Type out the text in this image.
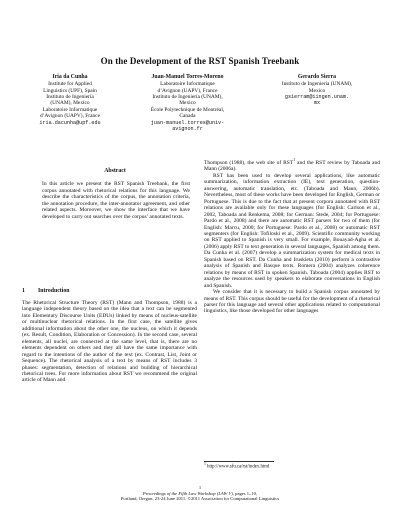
On the Development of the RST Spanish Treebank
Iria da Cunha
Institute for Applied
Linguistics (UPF), Spain
Instituto de Ingeniería
(UNAM), Mexico
Laboratoire Informatique
d’Avignon (UAPV), France
iria.dacunha@upf.edu
Juan-Manuel Torres-Moreno
Laboratoire Informatique
d’Avignon (UAPV), France
Instituto de Ingeniería (UNAM),
Mexico
École Polytechnique de Montréal,
Canada
juan-manuel.torres@univ-
avignon.fr
Gerardo Sierra
Instituto de Ingeniería (UNAM),
Mexico
gsierram@iingen.unam.
mx
Abstract
In this article we present the RST Spanish Treebank, the first corpus annotated with rhetorical relations for this language. We describe the characteristics of the corpus, the annotation criteria, the annotation procedure, the inter-annotator agreement, and other related aspects. Moreover, we show the interface that we have developed to carry out searches over the corpus’ annotated texts.
1 Introduction
The Rhetorical Structure Theory (RST) (Mann and Thompson, 1988) is a language independent theory based on the idea that a text can be segmented into Elementary Discourse Units (EDUs) linked by means of nucleus-satellite or multinuclear rhetorical relations. In the first case, the satellite gives additional information about the other one, the nucleus, on which it depends (ex. Result, Condition, Elaboration or Concession). In the second case, several elements, all nuclei, are connected at the same level, that is, there are no elements dependent on others and they all have the same importance with regard to the intentions of the author of the text (ex. Contrast, List, Joint or Sequence). The rhetorical analysis of a text by means of RST includes 3 phases: segmentation, detection of relations and building of hierarchical rhetorical trees. For more information about RST we recommend the original article of Mann and

Thompson (1988), the web site of RST$^1$ and the RST review by Taboada and Mann (2006a).

RST has been used to develop several applications, like automatic summarization, information extraction (IE), text generation, question-answering, automatic translation, etc. (Taboada and Mann, 2006b). Nevertheless, most of these works have been developed for English, German or Portuguese. This is due to the fact that at present corpora annotated with RST relations are available only for these languages (for English: Carlson et al., 2002, Taboada and Renkema, 2008; for German: Stede, 2004; for Portuguese: Pardo et al., 2008) and there are automatic RST parsers for two of them (for English: Marcu, 2000; for Portuguese: Pardo et al., 2008) or automatic RST segmenters (for English: Tofiloski et al., 2009). Scientific community working on RST applied to Spanish is very small. For example, Bouayad-Agha et al. (2006) apply RST to text generation in several languages, Spanish among them. Da Cunha et al. (2007) develop a summarization system for medical texts in Spanish based on RST. Da Cunha and Iruskieta (2010) perform a contrastive analysis of Spanish and Basque texts. Romera (2004) analyzes coherence relations by means of RST in spoken Spanish. Taboada (2004) applies RST to analyze the resources used by speakers to elaborate conversations in English and Spanish.

We consider that it is necessary to build a Spanish corpus annotated by means of RST. This corpus should be useful for the development of a rhetorical parser for this language and several other applications related to computational linguistics, like those developed for other languages

$^1$ http://www.sfu.ca/rst/index.html
1
Proceedings of the Fifth Law Workshop (LAW V), pages 1–10,
Portland, Oregon, 23-24 June 2011. ©2011 Association for Computational Linguistics
